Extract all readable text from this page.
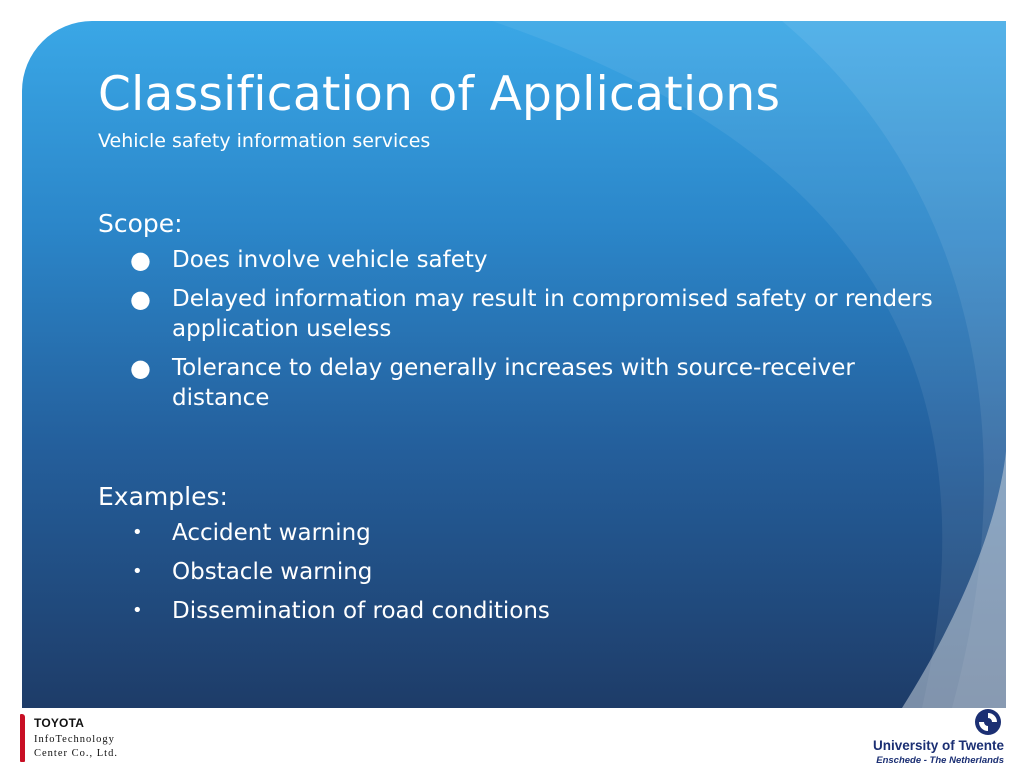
Classification of Applications

Vehicle safety information services

Scope:

● Does involve vehicle safety
● Delayed information may result in compromised safety or renders application useless
● Tolerance to delay generally increases with source-receiver distance

Examples:

• Accident warning
• Obstacle warning
• Dissemination of road conditions
TOYOTA
InfoTechnology
Center Co., Ltd.
University of Twente
Enschede - The Netherlands
